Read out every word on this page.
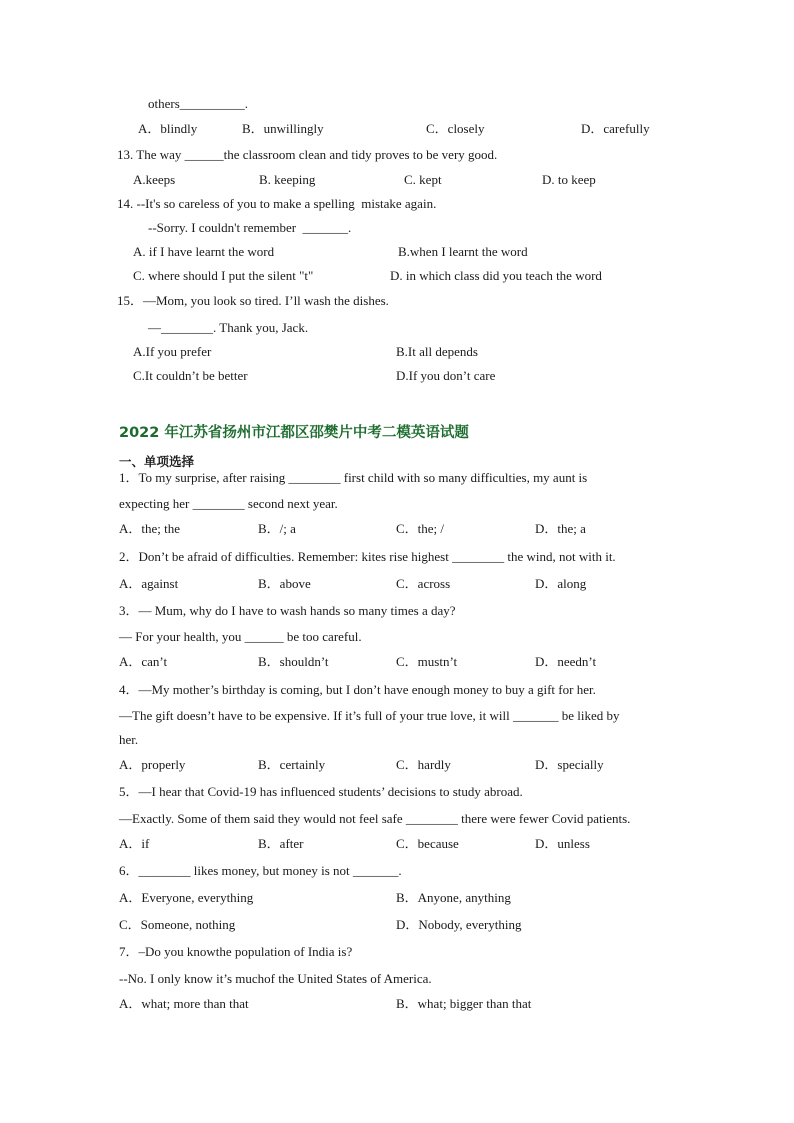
others__________.
A．blindly	B．unwillingly	C．closely	D．carefully
13. The way ______the classroom clean and tidy proves to be very good.
A.keeps	B. keeping	C. kept	D. to keep
14. --It's so careless of you to make a spelling  mistake again.
--Sorry. I couldn't remember  _______.
A. if I have learnt the word	B.when I learnt the word
C. where should I put the silent "t"	D. in which class did you teach the word
15．—Mom, you look so tired. I’ll wash the dishes.
—________. Thank you, Jack.
A.If you prefer	B.It all depends
C.It couldn’t be better	D.If you don’t care
2022 年江苏省扬州市江都区邵樊片中考二模英语试题
一、单项选择
1．To my surprise, after raising ________ first child with so many difficulties, my aunt is
expecting her ________ second next year.
A．the; the	B．/; a	C．the; /	D．the; a
2．Don’t be afraid of difficulties. Remember: kites rise highest ________ the wind, not with it.
A．against	B．above	C．across	D．along
3．— Mum, why do I have to wash hands so many times a day?
— For your health, you ______ be too careful.
A．can’t	B．shouldn’t	C．mustn’t	D．needn’t
4．—My mother’s birthday is coming, but I don’t have enough money to buy a gift for her.
—The gift doesn’t have to be expensive. If it’s full of your true love, it will _______ be liked by
her.
A．properly	B．certainly	C．hardly	D．specially
5．—I hear that Covid-19 has influenced students’ decisions to study abroad.
—Exactly. Some of them said they would not feel safe ________ there were fewer Covid patients.
A．if	B．after	C．because	D．unless
6．________ likes money, but money is not _______.
A．Everyone, everything	B．Anyone, anything
C．Someone, nothing	D．Nobody, everything
7．–Do you knowthe population of India is?
--No. I only know it’s muchof the United States of America.
A．what; more than that	B．what; bigger than that
